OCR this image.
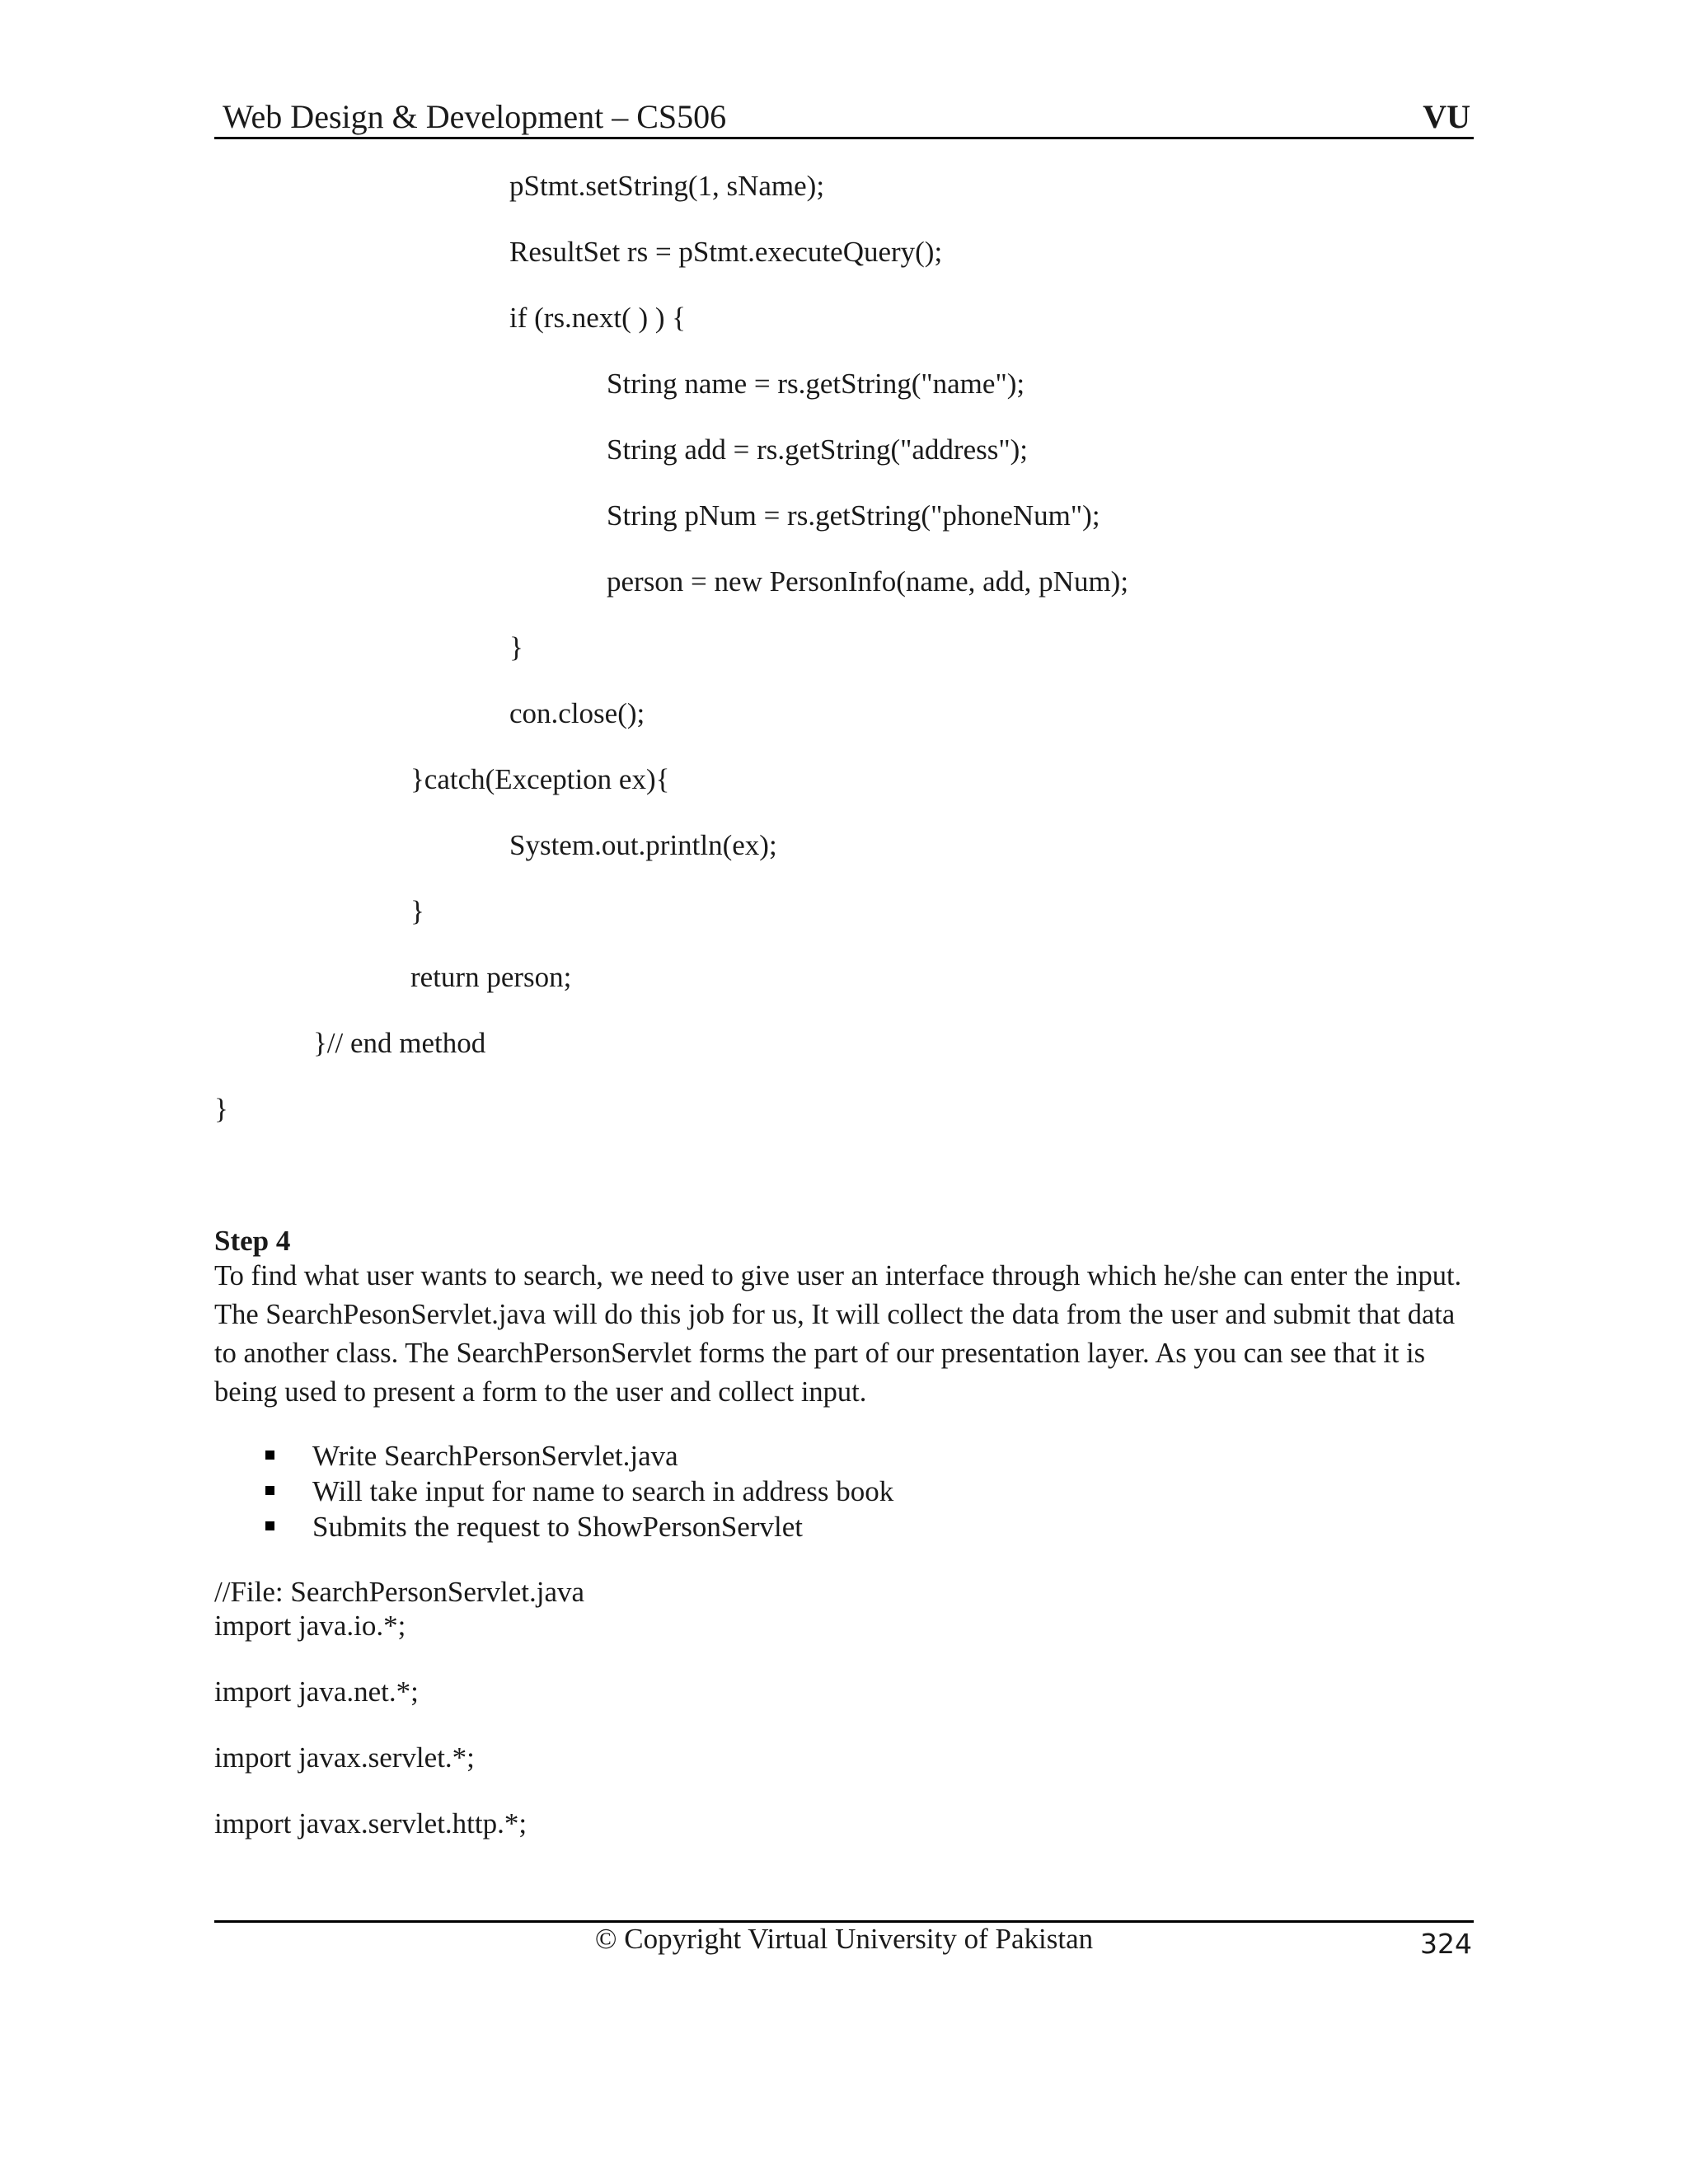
Web Design & Development – CS506	VU
pStmt.setString(1, sName);
ResultSet rs = pStmt.executeQuery();
if (rs.next( ) ) {
String name = rs.getString("name");
String add = rs.getString("address");
String pNum = rs.getString("phoneNum");
person = new PersonInfo(name, add, pNum);
}
con.close();
}catch(Exception ex){
System.out.println(ex);
}
return person;
}// end method
}
Step 4
To find what user wants to search, we need to give user an interface through which he/she can enter the input.
The SearchPesonServlet.java will do this job for us, It will collect the data from the user and submit that data
to another class. The SearchPersonServlet forms the part of our presentation layer. As you can see that it is
being used to present a form to the user and collect input.
Write SearchPersonServlet.java
Will take input for name to search in address book
Submits the request to ShowPersonServlet
//File: SearchPersonServlet.java
import java.io.*;
import java.net.*;
import javax.servlet.*;
import javax.servlet.http.*;
© Copyright Virtual University of Pakistan	324
